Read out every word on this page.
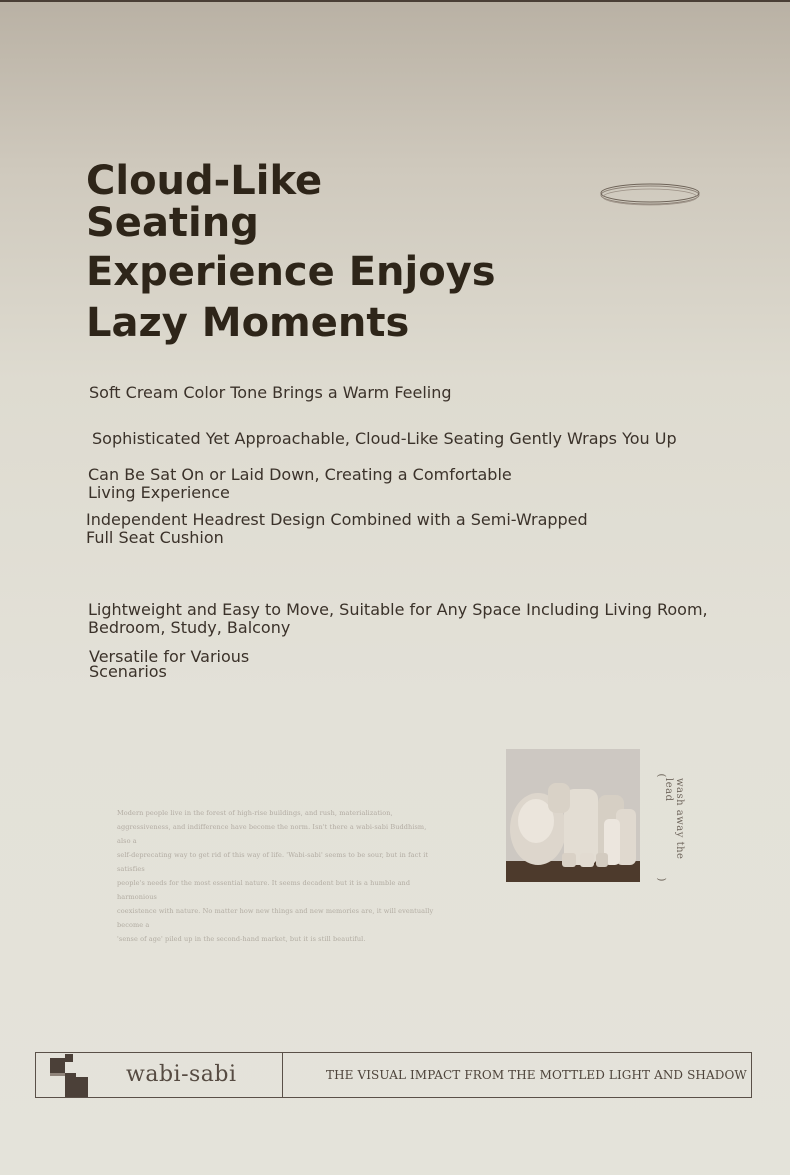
Cloud-Like
Seating
Experience Enjoys
Lazy Moments

Soft Cream Color Tone Brings a Warm Feeling

Sophisticated Yet Approachable, Cloud-Like Seating Gently Wraps You Up

Can Be Sat On or Laid Down, Creating a Comfortable
Living Experience

Independent Headrest Design Combined with a Semi-Wrapped
Full Seat Cushion

Lightweight and Easy to Move, Suitable for Any Space Including Living Room,
Bedroom, Study, Balcony

Versatile for Various
Scenarios

Modern people live in the forest of high-rise buildings, and rush, materialization,
aggressiveness, and indifference have become the norm. Isn't there a wabi-sabi Buddhism, also a
self-deprecating way to get rid of this way of life. 'Wabi-sabi' seems to be sour, but in fact it satisfies
people's needs for the most essential nature. It seems decadent but it is a humble and harmonious
coexistence with nature. No matter how new things and new memories are, it will eventually become a
'sense of age' piled up in the second-hand market, but it is still beautiful.
(
wash away the lead
)
wabi-sabi	THE VISUAL IMPACT FROM THE MOTTLED LIGHT AND SHADOW
